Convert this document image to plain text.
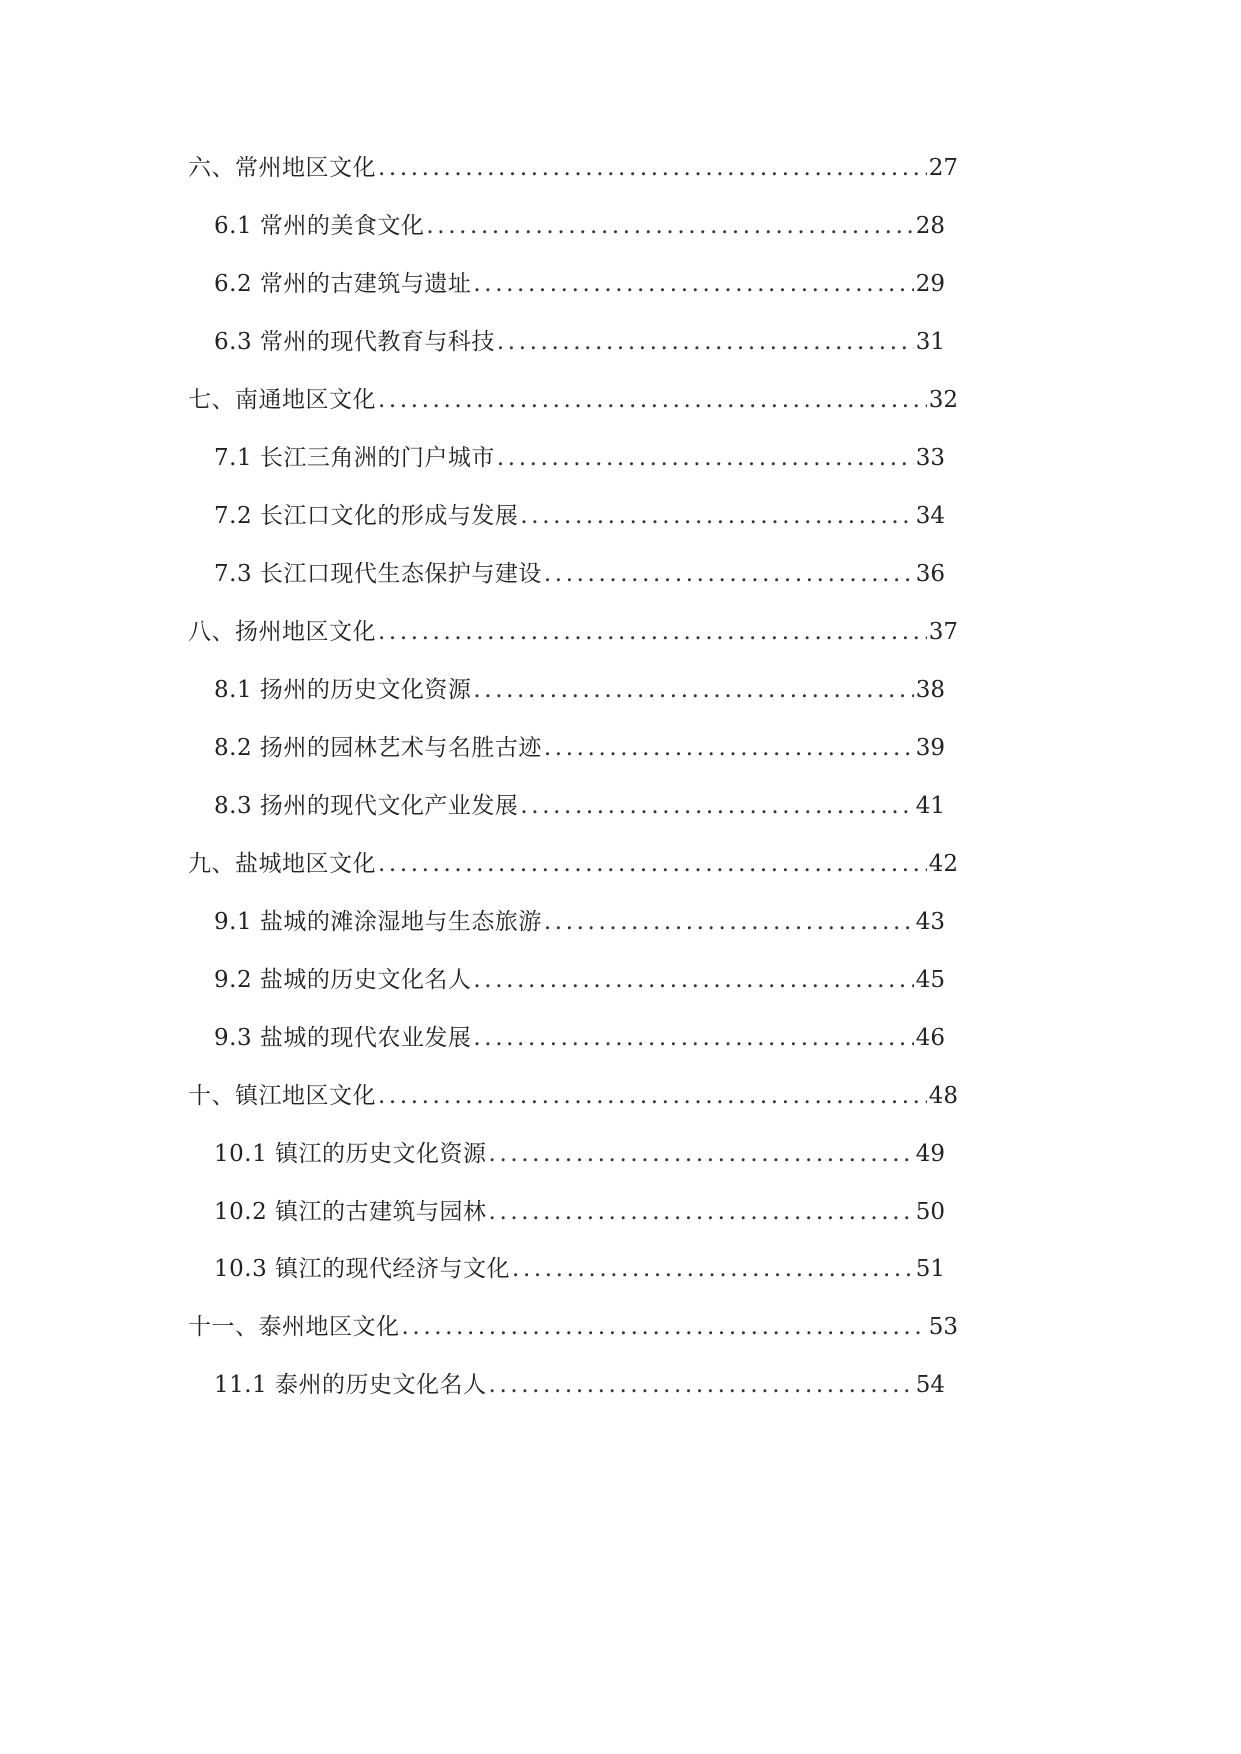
六、常州地区文化 .....	27
6.1 常州的美食文化 .....	28
6.2 常州的古建筑与遗址 .....	29
6.3 常州的现代教育与科技 .....	31
七、南通地区文化 .....	32
7.1 长江三角洲的门户城市 .....	33
7.2 长江口文化的形成与发展 .....	34
7.3 长江口现代生态保护与建设 .....	36
八、扬州地区文化 .....	37
8.1 扬州的历史文化资源 .....	38
8.2 扬州的园林艺术与名胜古迹 .....	39
8.3 扬州的现代文化产业发展 .....	41
九、盐城地区文化 .....	42
9.1 盐城的滩涂湿地与生态旅游 .....	43
9.2 盐城的历史文化名人 .....	45
9.3 盐城的现代农业发展 .....	46
十、镇江地区文化 .....	48
10.1 镇江的历史文化资源 .....	49
10.2 镇江的古建筑与园林 .....	50
10.3 镇江的现代经济与文化 .....	51
十一、泰州地区文化 .....	53
11.1 泰州的历史文化名人 .....	54
